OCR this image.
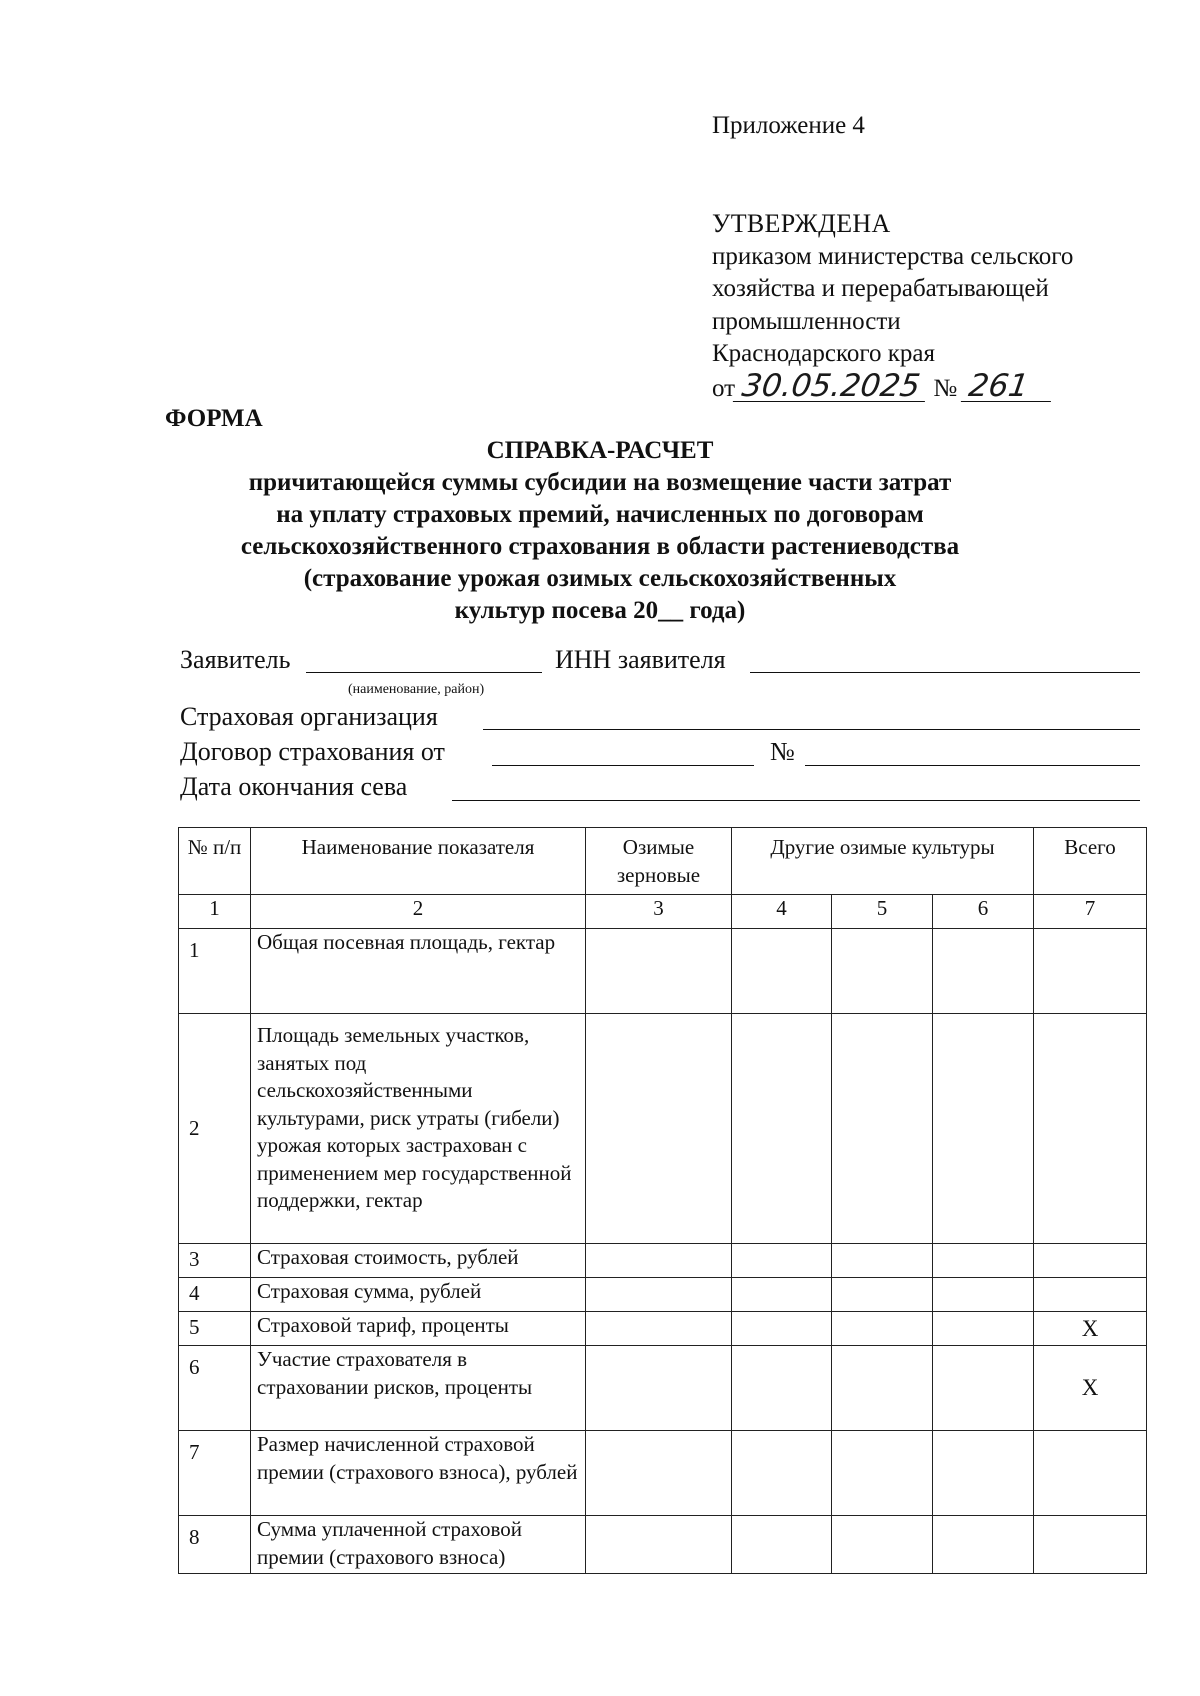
Приложение 4
УТВЕРЖДЕНА
приказом министерства сельского
хозяйства и перерабатывающей
промышленности
Краснодарского края
от 30.05.2025 № 261
ФОРМА
СПРАВКА-РАСЧЕТ
причитающейся суммы субсидии на возмещение части затрат
на уплату страховых премий, начисленных по договорам
сельскохозяйственного страхования в области растениеводства
(страхование урожая озимых сельскохозяйственных
культур посева 20__ года)
Заявитель	ИНН заявителя
(наименование, район)
Страховая организация
Договор страхования от	№
Дата окончания сева
№ п/п	Наименование показателя	Озимые зерновые	Другие озимые культуры			Всего
1	2	3	4	5	6	7
1	Общая посевная площадь, гектар					
2	Площадь земельных участков, занятых под сельскохозяйственными культурами, риск утраты (гибели) урожая которых застрахован с применением мер государственной поддержки, гектар					
3	Страховая стоимость, рублей					
4	Страховая сумма, рублей					
5	Страховой тариф, проценты					X
6	Участие страхователя в страховании рисков, проценты					X
7	Размер начисленной страховой премии (страхового взноса), рублей					
8	Сумма уплаченной страховой премии (страхового взноса)					
